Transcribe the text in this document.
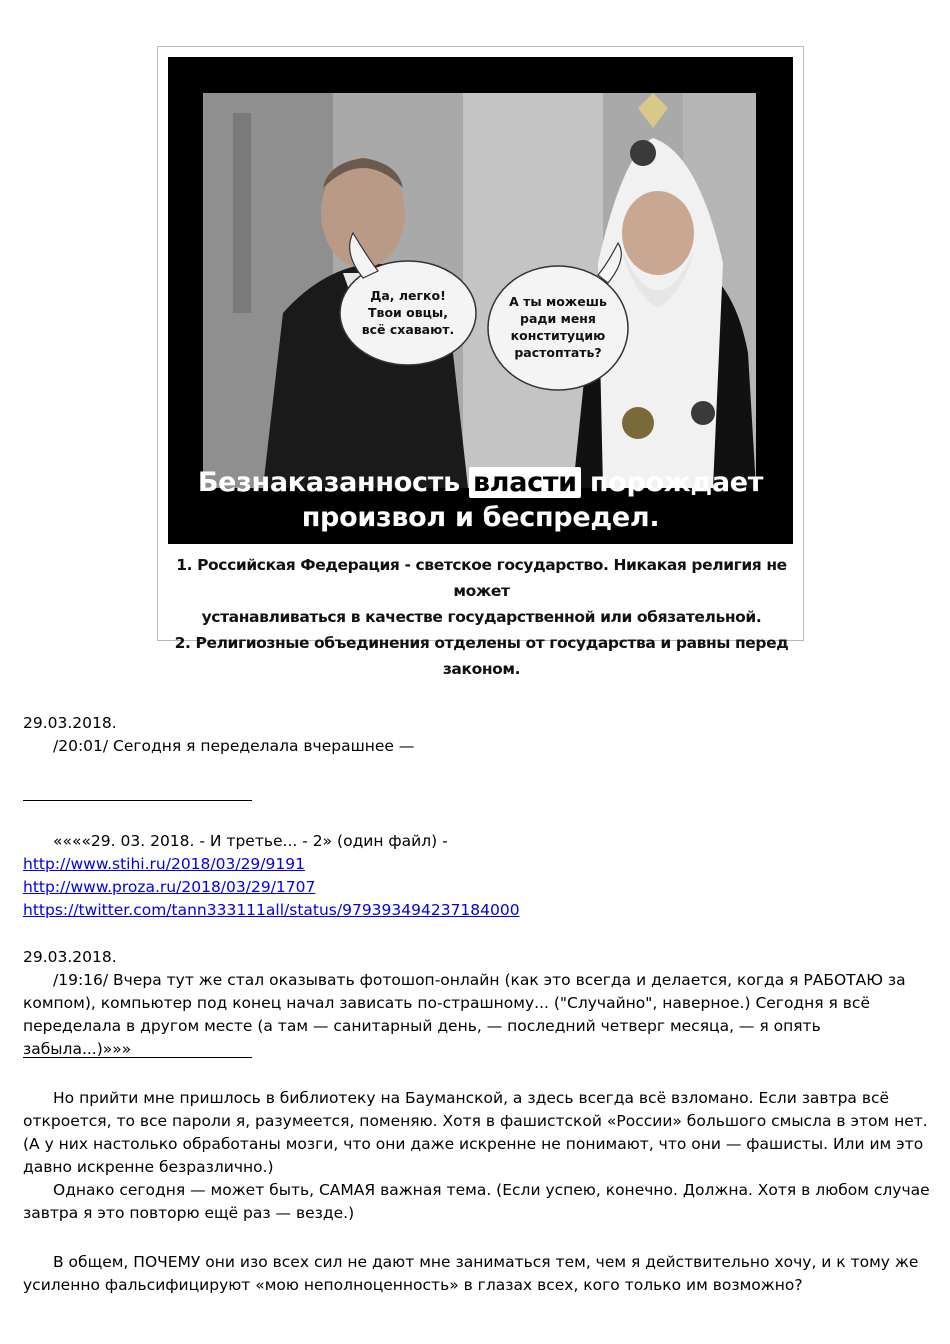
Да, легко!
Твои овцы,
всё схавают.
А ты можешь
ради меня
конституцию
растоптать?
Безнаказанность власти порождает
произвол и беспредел.
1. Российская Федерация - светское государство. Никакая религия не может
устанавливаться в качестве государственной или обязательной.
2. Религиозные объединения отделены от государства и равны перед законом.
29.03.2018.
/20:01/ Сегодня я переделала вчерашнее —
««««29. 03. 2018. - И третье... - 2» (один файл) -
http://www.stihi.ru/2018/03/29/9191
http://www.proza.ru/2018/03/29/1707
https://twitter.com/tann333111all/status/979393494237184000
29.03.2018.
/19:16/ Вчера тут же стал оказывать фотошоп-онлайн (как это всегда и делается, когда я РАБОТАЮ за
компом), компьютер под конец начал зависать по-страшному... ("Случайно", наверное.) Сегодня я всё
переделала в другом месте (а там — санитарный день, — последний четверг месяца, — я опять забыла...)»»»
Но прийти мне пришлось в библиотеку на Бауманской, а здесь всегда всё взломано. Если завтра всё
откроется, то все пароли я, разумеется, поменяю. Хотя в фашистской «России» большого смысла в этом нет.
(А у них настолько обработаны мозги, что они даже искренне не понимают, что они — фашисты. Или им это
давно искренне безразлично.)
Однако сегодня — может быть, САМАЯ важная тема. (Если успею, конечно. Должна. Хотя в любом случае
завтра я это повторю ещё раз — везде.)
В общем, ПОЧЕМУ они изо всех сил не дают мне заниматься тем, чем я действительно хочу, и к тому же
усиленно фальсифицируют «мою неполноценность» в глазах всех, кого только им возможно?
